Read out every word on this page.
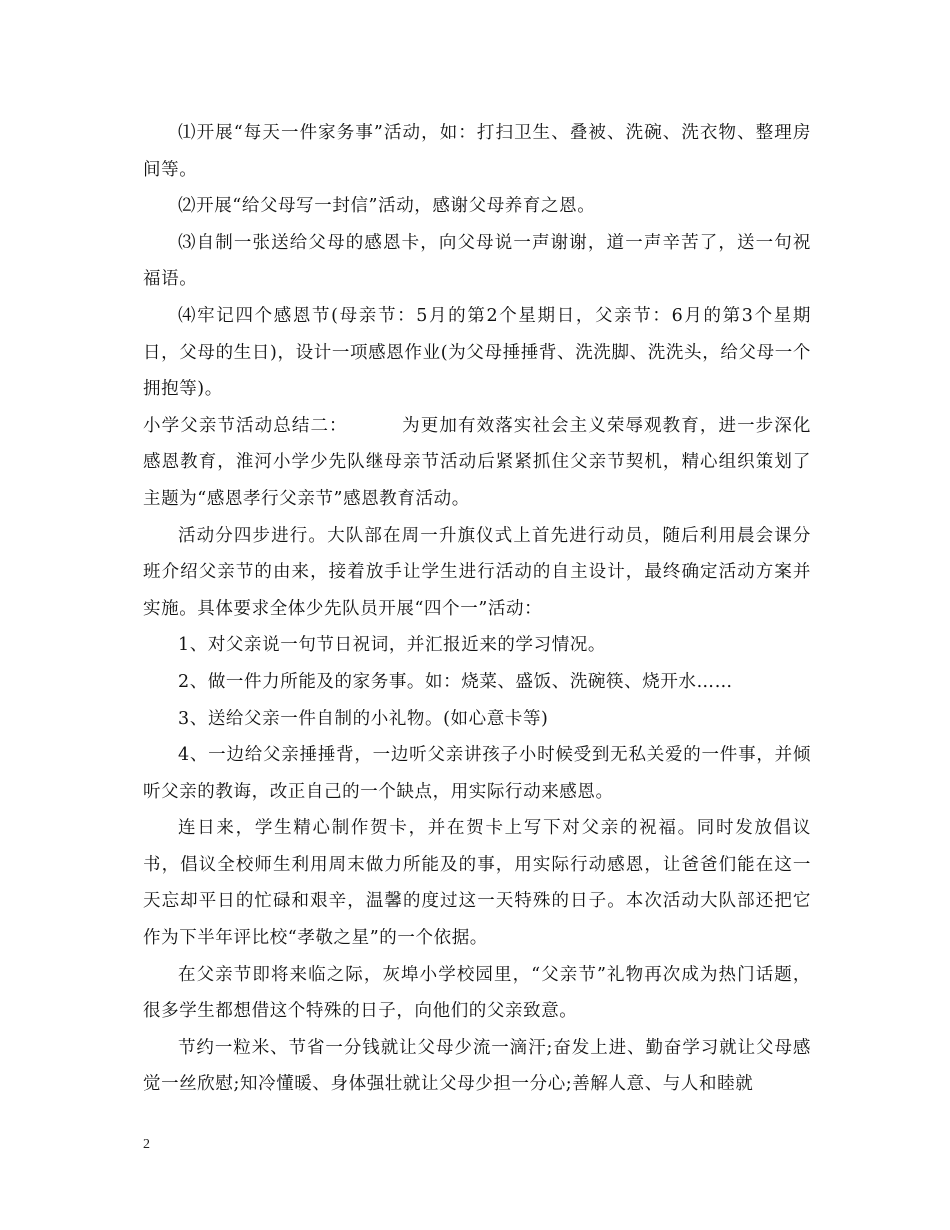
⑴开展“每天一件家务事”活动，如：打扫卫生、叠被、洗碗、洗衣物、整理房间等。

⑵开展“给父母写一封信”活动，感谢父母养育之恩。

⑶自制一张送给父母的感恩卡，向父母说一声谢谢，道一声辛苦了，送一句祝福语。

⑷牢记四个感恩节(母亲节：5月的第2个星期日，父亲节：6月的第3个星期日，父母的生日)，设计一项感恩作业(为父母捶捶背、洗洗脚、洗洗头，给父母一个拥抱等)。

小学父亲节活动总结二：	为更加有效落实社会主义荣辱观教育，进一步深化感恩教育，淮河小学少先队继母亲节活动后紧紧抓住父亲节契机，精心组织策划了主题为“感恩孝行父亲节”感恩教育活动。

活动分四步进行。大队部在周一升旗仪式上首先进行动员，随后利用晨会课分班介绍父亲节的由来，接着放手让学生进行活动的自主设计，最终确定活动方案并实施。具体要求全体少先队员开展“四个一”活动：

1、对父亲说一句节日祝词，并汇报近来的学习情况。

2、做一件力所能及的家务事。如：烧菜、盛饭、洗碗筷、烧开水……

3、送给父亲一件自制的小礼物。(如心意卡等)

4、一边给父亲捶捶背，一边听父亲讲孩子小时候受到无私关爱的一件事，并倾听父亲的教诲，改正自己的一个缺点，用实际行动来感恩。

连日来，学生精心制作贺卡，并在贺卡上写下对父亲的祝福。同时发放倡议书，倡议全校师生利用周末做力所能及的事，用实际行动感恩，让爸爸们能在这一天忘却平日的忙碌和艰辛，温馨的度过这一天特殊的日子。本次活动大队部还把它作为下半年评比校“孝敬之星”的一个依据。

在父亲节即将来临之际，灰埠小学校园里，“父亲节”礼物再次成为热门话题，很多学生都想借这个特殊的日子，向他们的父亲致意。

节约一粒米、节省一分钱就让父母少流一滴汗;奋发上进、勤奋学习就让父母感觉一丝欣慰;知冷懂暖、身体强壮就让父母少担一分心;善解人意、与人和睦就

2
